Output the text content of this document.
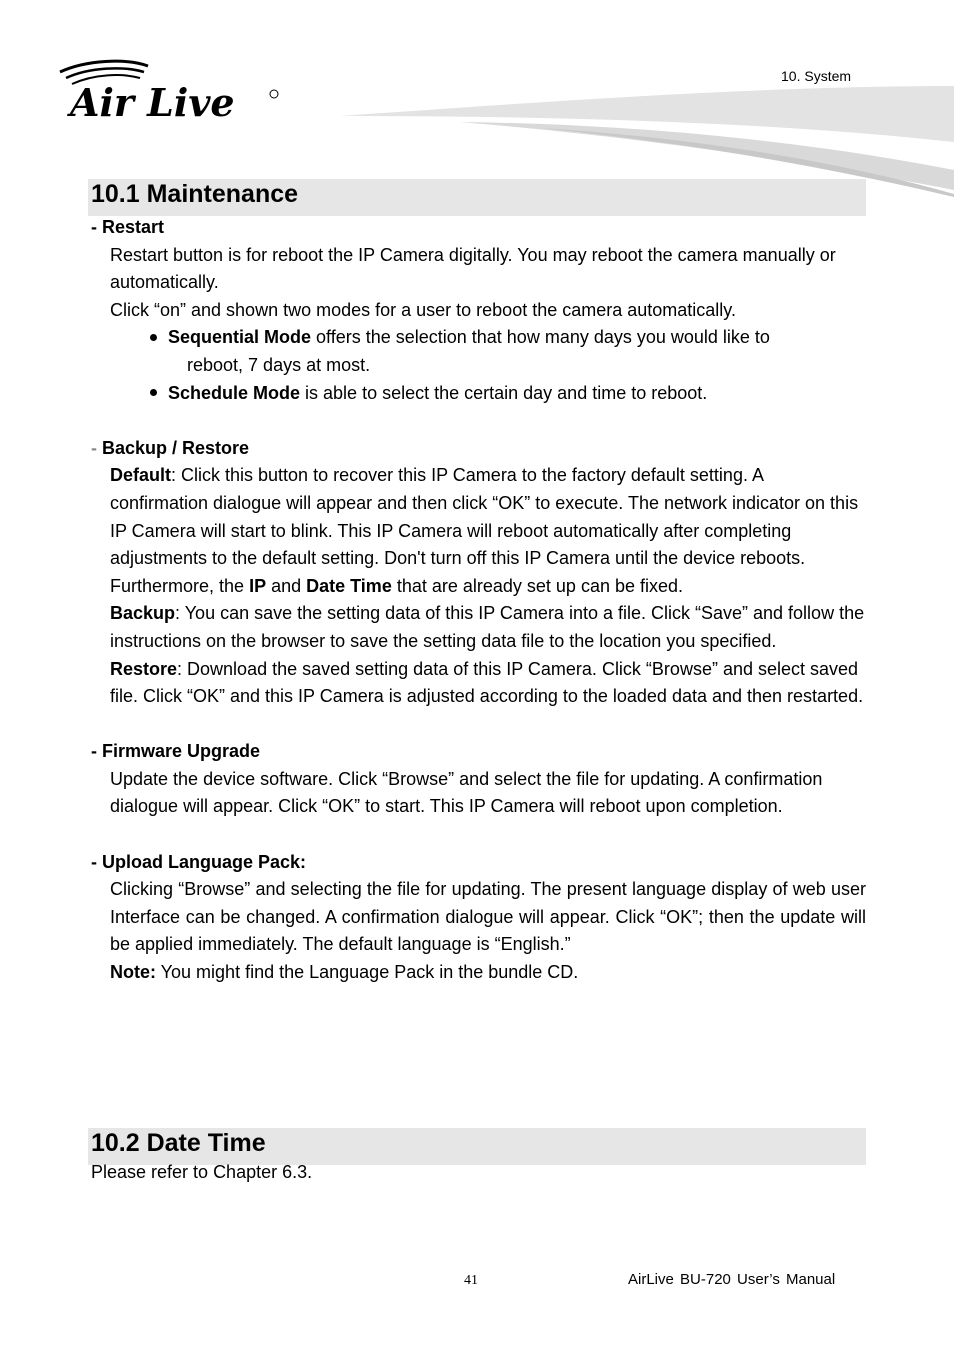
Air Live
10. System
10.1 Maintenance

- Restart

Restart button is for reboot the IP Camera digitally. You may reboot the camera manually or automatically.

Click “on” and shown two modes for a user to reboot the camera automatically.

Sequential Mode offers the selection that how many days you would like to
reboot, 7 days at most.
Schedule Mode is able to select the certain day and time to reboot.

- Backup / Restore

Default: Click this button to recover this IP Camera to the factory default setting. A confirmation dialogue will appear and then click “OK” to execute. The network indicator on this IP Camera will start to blink. This IP Camera will reboot automatically after completing adjustments to the default setting. Don't turn off this IP Camera until the device reboots. Furthermore, the IP and Date Time that are already set up can be fixed.

Backup: You can save the setting data of this IP Camera into a file. Click “Save” and follow the instructions on the browser to save the setting data file to the location you specified.

Restore: Download the saved setting data of this IP Camera. Click “Browse” and select saved file. Click “OK” and this IP Camera is adjusted according to the loaded data and then restarted.

- Firmware Upgrade

Update the device software. Click “Browse” and select the file for updating. A confirmation dialogue will appear. Click “OK” to start. This IP Camera will reboot upon completion.

- Upload Language Pack:

Clicking “Browse” and selecting the file for updating. The present language display of web user Interface can be changed. A confirmation dialogue will appear. Click “OK”; then the update will be applied immediately. The default language is “English.”

Note: You might find the Language Pack in the bundle CD.

10.2 Date Time
Please refer to Chapter 6.3.
41	AirLive BU-720 User’s Manual
